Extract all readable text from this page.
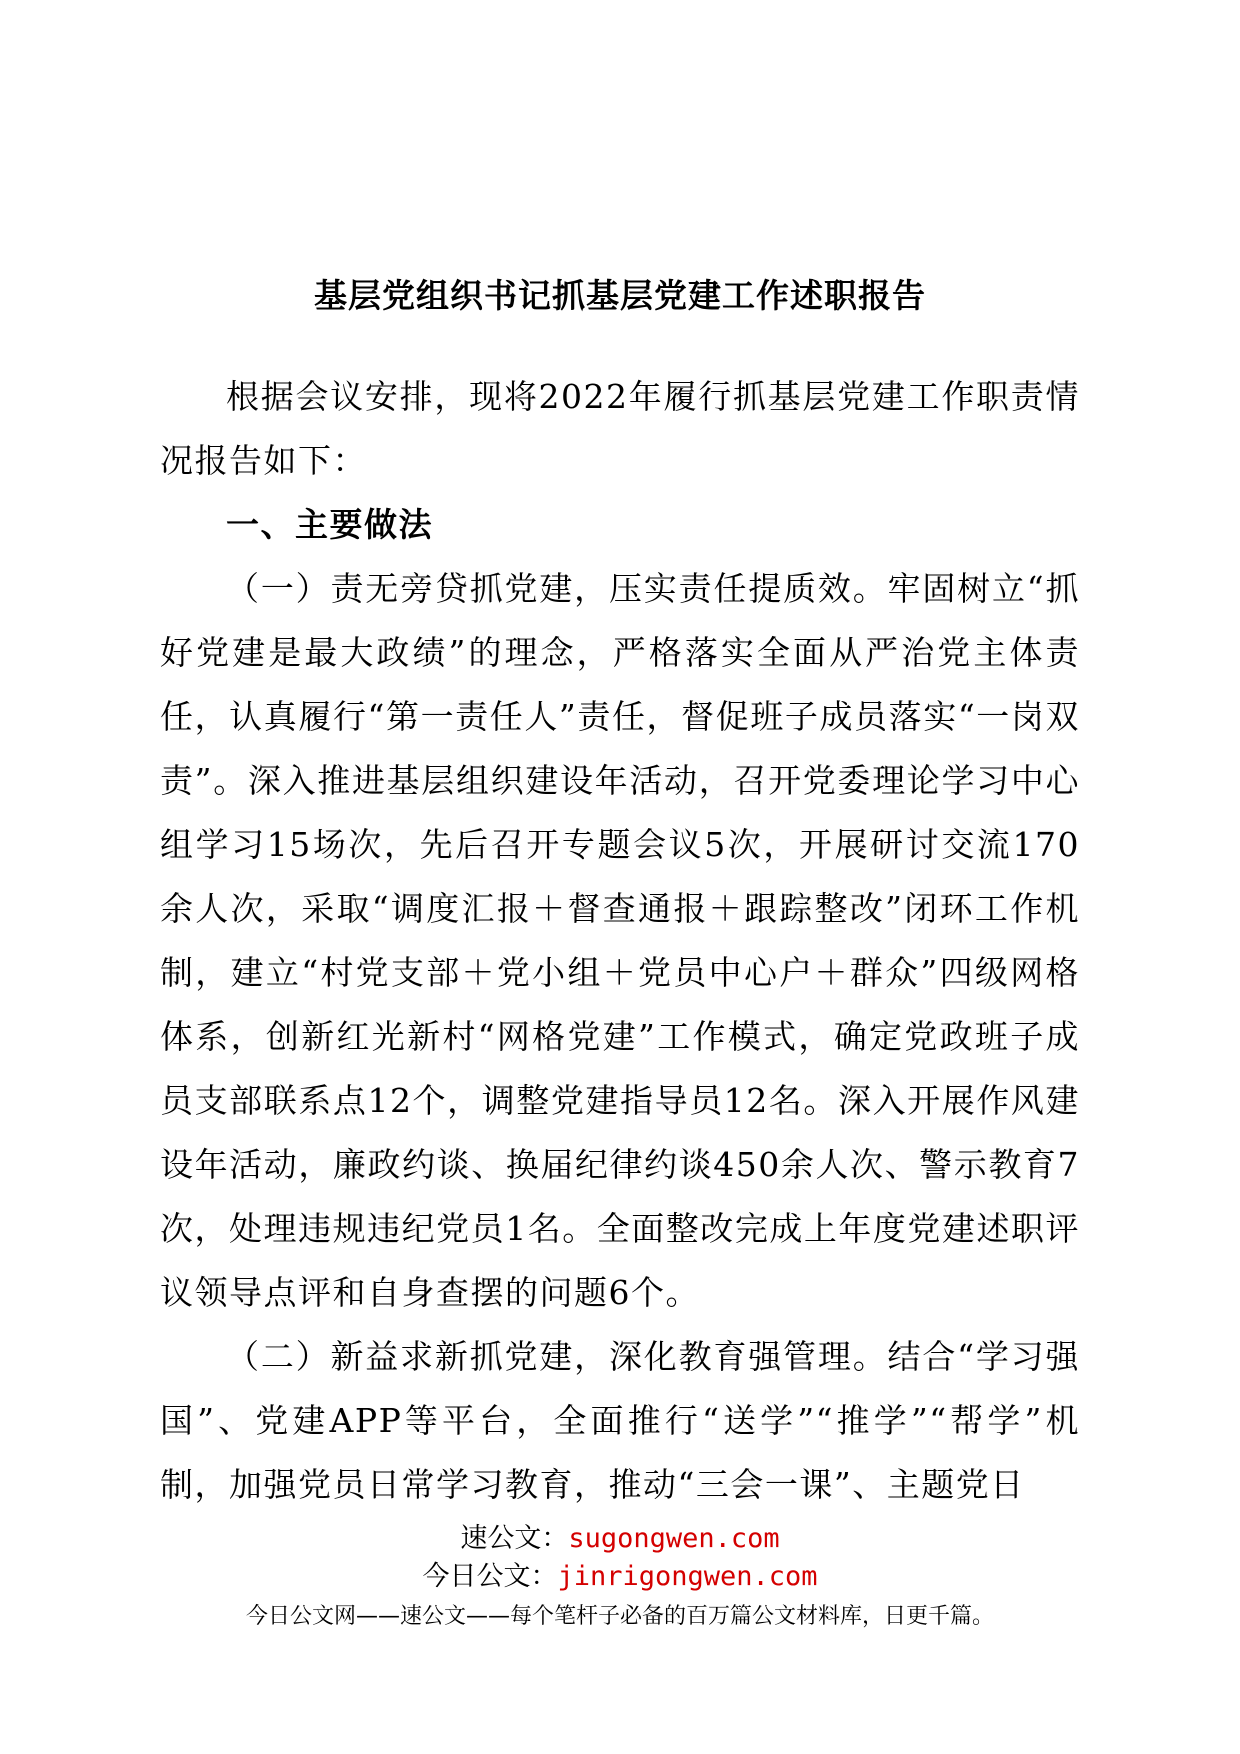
基层党组织书记抓基层党建工作述职报告

根据会议安排，现将2022年履行抓基层党建工作职责情况报告如下：

一、主要做法

（一）责无旁贷抓党建，压实责任提质效。牢固树立“抓好党建是最大政绩”的理念，严格落实全面从严治党主体责任，认真履行“第一责任人”责任，督促班子成员落实“一岗双责”。深入推进基层组织建设年活动，召开党委理论学习中心组学习15场次，先后召开专题会议5次，开展研讨交流170余人次，采取“调度汇报＋督查通报＋跟踪整改”闭环工作机制，建立“村党支部＋党小组＋党员中心户＋群众”四级网格体系，创新红光新村“网格党建”工作模式，确定党政班子成员支部联系点12个，调整党建指导员12名。深入开展作风建设年活动，廉政约谈、换届纪律约谈450余人次、警示教育7次，处理违规违纪党员1名。全面整改完成上年度党建述职评议领导点评和自身查摆的问题6个。

（二）新益求新抓党建，深化教育强管理。结合“学习强国”、党建APP等平台，全面推行“送学”“推学”“帮学”机制，加强党员日常学习教育，推动“三会一课”、主题党日

速公文：sugongwen.com
今日公文：jinrigongwen.com
今日公文网——速公文——每个笔杆子必备的百万篇公文材料库，日更千篇。
